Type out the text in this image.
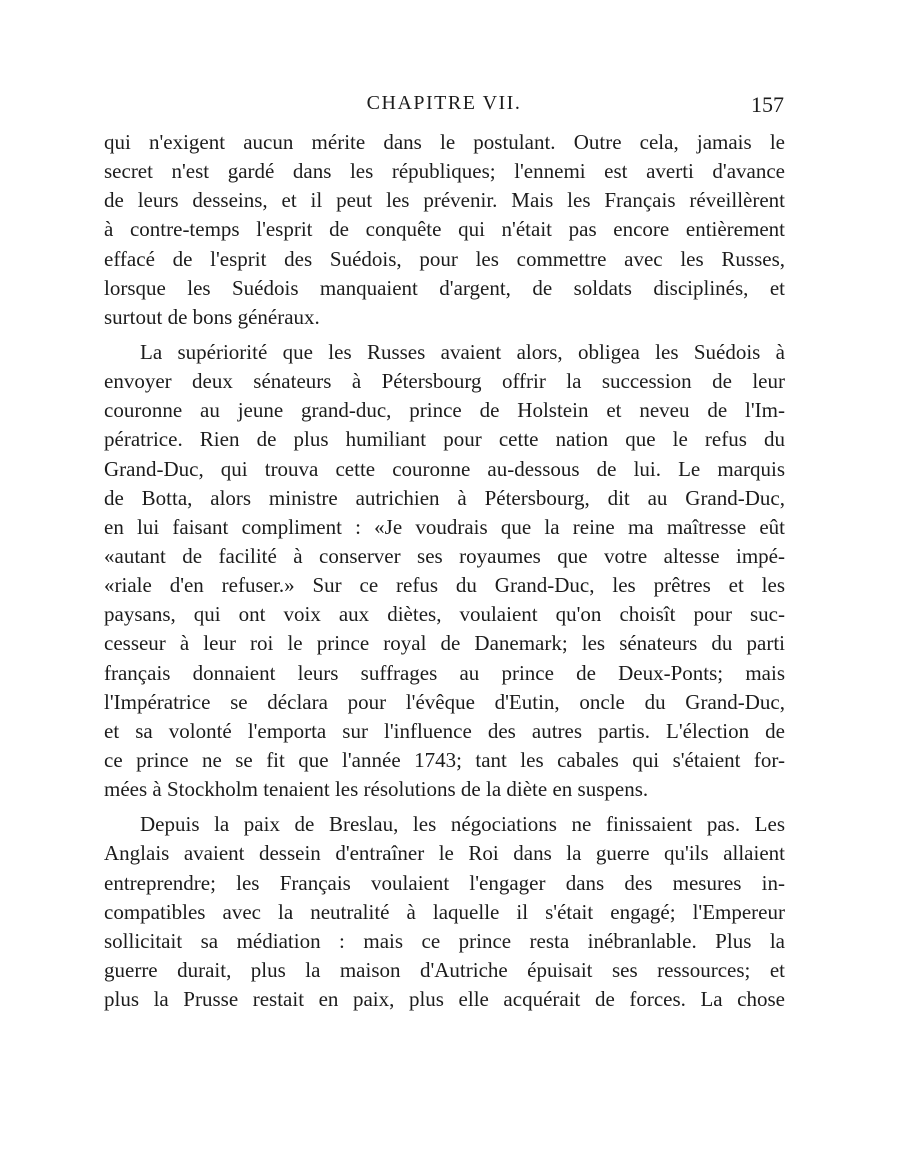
CHAPITRE VII.	157
qui n'exigent aucun mérite dans le postulant. Outre cela, jamais le
secret n'est gardé dans les républiques; l'ennemi est averti d'avance
de leurs desseins, et il peut les prévenir. Mais les Français réveillèrent
à contre-temps l'esprit de conquête qui n'était pas encore entièrement
effacé de l'esprit des Suédois, pour les commettre avec les Russes,
lorsque les Suédois manquaient d'argent, de soldats disciplinés, et
surtout de bons généraux.
La supériorité que les Russes avaient alors, obligea les Suédois à
envoyer deux sénateurs à Pétersbourg offrir la succession de leur
couronne au jeune grand-duc, prince de Holstein et neveu de l'Im-
pératrice. Rien de plus humiliant pour cette nation que le refus du
Grand-Duc, qui trouva cette couronne au-dessous de lui. Le marquis
de Botta, alors ministre autrichien à Pétersbourg, dit au Grand-Duc,
en lui faisant compliment : «Je voudrais que la reine ma maîtresse eût
«autant de facilité à conserver ses royaumes que votre altesse impé-
«riale d'en refuser.» Sur ce refus du Grand-Duc, les prêtres et les
paysans, qui ont voix aux diètes, voulaient qu'on choisît pour suc-
cesseur à leur roi le prince royal de Danemark; les sénateurs du parti
français donnaient leurs suffrages au prince de Deux-Ponts; mais
l'Impératrice se déclara pour l'évêque d'Eutin, oncle du Grand-Duc,
et sa volonté l'emporta sur l'influence des autres partis. L'élection de
ce prince ne se fit que l'année 1743; tant les cabales qui s'étaient for-
mées à Stockholm tenaient les résolutions de la diète en suspens.
Depuis la paix de Breslau, les négociations ne finissaient pas. Les
Anglais avaient dessein d'entraîner le Roi dans la guerre qu'ils allaient
entreprendre; les Français voulaient l'engager dans des mesures in-
compatibles avec la neutralité à laquelle il s'était engagé; l'Empereur
sollicitait sa médiation : mais ce prince resta inébranlable. Plus la
guerre durait, plus la maison d'Autriche épuisait ses ressources; et
plus la Prusse restait en paix, plus elle acquérait de forces. La chose
